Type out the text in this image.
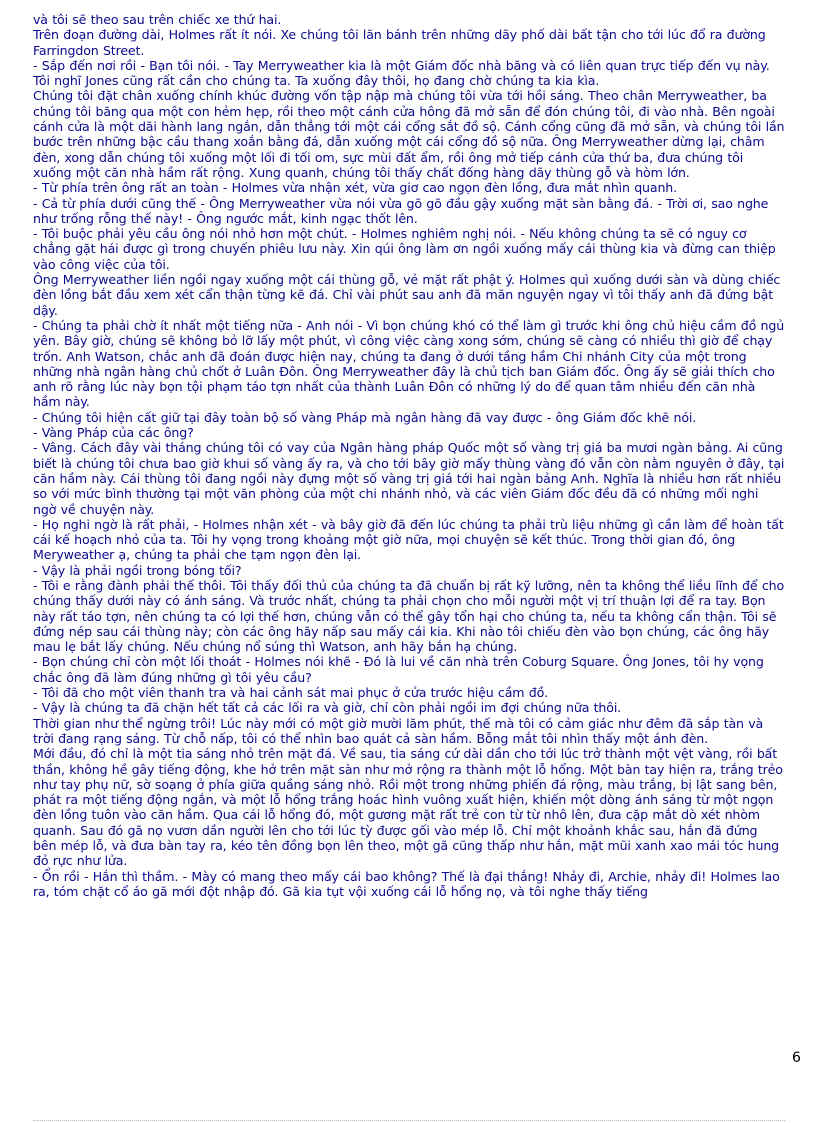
và tôi sẽ theo sau trên chiếc xe thứ hai.

Trên đoạn đường dài, Holmes rất ít nói. Xe chúng tôi lăn bánh trên những dãy phố dài bất tận cho tới lúc đổ ra đường Farringdon Street.

- Sắp đến nơi rồi - Bạn tôi nói. - Tay Merryweather kia là một Giám đốc nhà băng và có liên quan trực tiếp đến vụ này. Tôi nghĩ Jones cũng rất cần cho chúng ta. Ta xuống đây thôi, họ đang chờ chúng ta kia kìa.

Chúng tôi đặt chân xuống chính khúc đường vốn tập nập mà chúng tôi vừa tới hồi sáng. Theo chân Merryweather, ba chúng tôi băng qua một con hẻm hẹp, rồi theo một cánh cửa hông đã mở sẵn để đón chúng tôi, đi vào nhà. Bên ngoài cánh cửa là một dãi hành lang ngắn, dẫn thẳng tới một cái cổng sắt đồ sộ. Cánh cổng cũng đã mở sẵn, và chúng tôi lần bước trên những bậc cầu thang xoắn bằng đá, dẫn xuống một cái cổng đồ sộ nữa. Ông Merryweather dừng lại, châm đèn, xong dẫn chúng tôi xuống một lối đi tối om, sực mùi đất ẩm, rồi ông mở tiếp cánh cửa thứ ba, đưa chúng tôi xuống một căn nhà hầm rất rộng. Xung quanh, chúng tôi thấy chất đống hàng dãy thùng gỗ và hòm lớn.

- Từ phía trên ông rất an toàn - Holmes vừa nhận xét, vừa giơ cao ngọn đèn lồng, đưa mắt nhìn quanh.

- Cả từ phía dưới cũng thế - Ông Merryweather vừa nói vừa gõ gõ đầu gậy xuống mặt sàn bằng đá. - Trời ơi, sao nghe như trống rỗng thế này! - Ông ngước mắt, kinh ngạc thốt lên.

- Tôi buộc phải yêu cầu ông nói nhỏ hơn một chút. - Holmes nghiêm nghị nói. - Nếu không chúng ta sẽ có nguy cơ chẳng gặt hái được gì trong chuyến phiêu lưu này. Xin qúi ông làm ơn ngồi xuống mấy cái thùng kia và đừng can thiệp vào công việc của tôi.

Ông Merryweather liền ngồi ngay xuống một cái thùng gỗ, vẻ mặt rất phật ý. Holmes quì xuống dưới sàn và dùng chiếc đèn lồng bắt đầu xem xét cẩn thận từng kẽ đá. Chỉ vài phút sau anh đã mãn nguyện ngay vì tôi thấy anh đã đứng bật dậy.

- Chúng ta phải chờ ít nhất một tiếng nữa - Anh nói - Vì bọn chúng khó có thể làm gì trước khi ông chủ hiệu cầm đồ ngủ yên. Bây giờ, chúng sẽ không bỏ lỡ lấy một phút, vì công việc càng xong sớm, chúng sẽ càng có nhiều thì giờ để chạy trốn. Anh Watson, chắc anh đã đoán được hiện nay, chúng ta đang ở dưới tầng hầm Chi nhánh City của một trong những nhà ngân hàng chủ chốt ở Luân Đôn. Ông Merryweather đây là chủ tịch ban Giám đốc. Ông ấy sẽ giải thích cho anh rõ rằng lúc này bọn tội phạm táo tợn nhất của thành Luân Đôn có những lý do để quan tâm nhiều đến căn nhà hầm này.

- Chúng tôi hiện cất giữ tại đây toàn bộ số vàng Pháp mà ngân hàng đã vay được - ông Giám đốc khẽ nói.

- Vàng Pháp của các ông?

- Vâng. Cách đây vài tháng chúng tôi có vay của Ngân hàng pháp Quốc một số vàng trị giá ba mươi ngàn bảng. Ai cũng biết là chúng tôi chưa bao giờ khui số vàng ấy ra, và cho tới bây giờ mấy thùng vàng đó vẫn còn nằm nguyên ở đây, tại căn hầm này. Cái thùng tôi đang ngồi này đựng một số vàng trị giá tới hai ngàn bảng Anh. Nghĩa là nhiều hơn rất nhiều so với mức bình thường tại một văn phòng của một chi nhánh nhỏ, và các viên Giám đốc đều đã có những mối nghi ngờ về chuyện này.

- Họ nghi ngờ là rất phải, - Holmes nhận xét - và bây giờ đã đến lúc chúng ta phải trù liệu những gì cần làm để hoàn tất cái kế hoạch nhỏ của ta. Tôi hy vọng trong khoảng một giờ nữa, mọi chuyện sẽ kết thúc. Trong thời gian đó, ông Meryweather ạ, chúng ta phải che tạm ngọn đèn lại.

- Vậy là phải ngồi trong bóng tối?

- Tôi e rằng đành phải thế thôi. Tôi thấy đối thủ của chúng ta đã chuẩn bị rất kỹ lưỡng, nên ta không thể liều lĩnh để cho chúng thấy dưới này có ánh sáng. Và trước nhất, chúng ta phải chọn cho mỗi người một vị trí thuận lợi để ra tay. Bọn này rất táo tợn, nên chúng ta có lợi thế hơn, chúng vẫn có thể gây tổn hại cho chúng ta, nếu ta không cẩn thận. Tôi sẽ đứng nép sau cái thùng này; còn các ông hãy nấp sau mấy cái kia. Khi nào tôi chiếu đèn vào bọn chúng, các ông hãy mau lẹ bắt lấy chúng. Nếu chúng nổ súng thì Watson, anh hãy bắn hạ chúng.

- Bọn chúng chỉ còn một lối thoát - Holmes nói khẽ - Đó là lui về căn nhà trên Coburg Square. Ông Jones, tôi hy vọng chắc ông đã làm đúng những gì tôi yêu cầu?

- Tôi đã cho một viên thanh tra và hai cảnh sát mai phục ở cửa trước hiệu cầm đồ.

- Vậy là chúng ta đã chặn hết tất cả các lối ra và giờ, chỉ còn phải ngồi im đợi chúng nữa thôi.

Thời gian như thể ngừng trôi! Lúc này mới có một giờ mười lăm phút, thế mà tôi có cảm giác như đêm đã sắp tàn và trời đang rạng sáng. Từ chỗ nấp, tôi có thể nhìn bao quát cả sàn hầm. Bỗng mắt tôi nhìn thấy một ánh đèn.

Mới đầu, đó chỉ là một tia sáng nhỏ trên mặt đá. Về sau, tia sáng cứ dài dần cho tới lúc trở thành một vệt vàng, rồi bất thần, không hề gây tiếng động, khe hở trên mặt sàn như mở rộng ra thành một lỗ hổng. Một bàn tay hiện ra, trắng trẻo như tay phụ nữ, sờ soạng ở phía giữa quầng sáng nhỏ. Rồi một trong những phiến đá rộng, màu trắng, bị lật sang bên, phát ra một tiếng động ngắn, và một lỗ hổng trắng hoác hình vuông xuất hiện, khiến một dòng ánh sáng từ một ngọn đèn lồng tuôn vào căn hầm. Qua cái lỗ hổng đó, một gương mặt rất trẻ con từ từ nhô lên, đưa cặp mắt dò xét nhòm quanh. Sau đó gã nọ vươn dần người lên cho tới lúc tỳ được gối vào mép lỗ. Chỉ một khoảnh khắc sau, hắn đã đứng bên mép lỗ, và đưa bàn tay ra, kéo tên đồng bọn lên theo, một gã cũng thấp như hắn, mặt mũi xanh xao mái tóc hung đỏ rực như lửa.

- Ổn rồi - Hắn thì thầm. - Mày có mang theo mấy cái bao không? Thế là đại thắng! Nhảy đi, Archie, nhảy đi! Holmes lao ra, tóm chặt cổ áo gã mới đột nhập đó. Gã kia tụt vội xuống cái lỗ hổng nọ, và tôi nghe thấy tiếng

6
